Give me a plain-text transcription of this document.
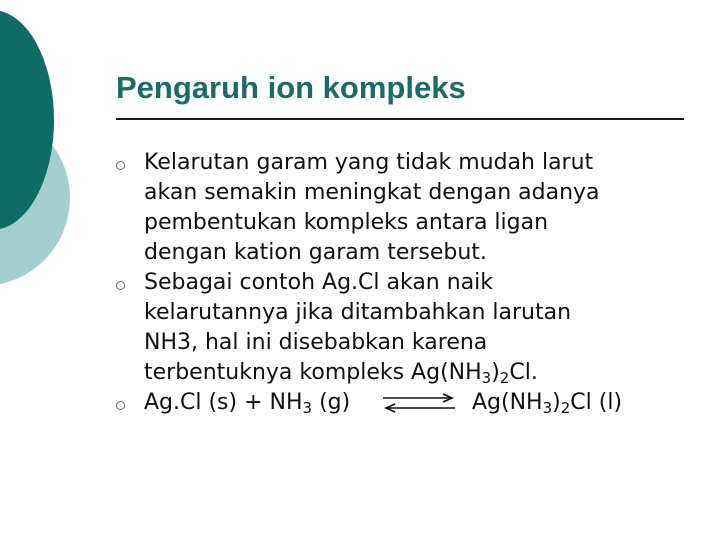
Pengaruh ion kompleks
Kelarutan garam yang tidak mudah larut
akan semakin meningkat dengan adanya
pembentukan kompleks antara ligan
dengan kation garam tersebut.
Sebagai contoh Ag.Cl akan naik
kelarutannya jika ditambahkan larutan
NH3, hal ini disebabkan karena
terbentuknya kompleks $Ag(NH_3)_2Cl$.
Ag.Cl $(s) + NH_3$ (g) ⇌ $Ag(NH_3)_2Cl$ (l)
